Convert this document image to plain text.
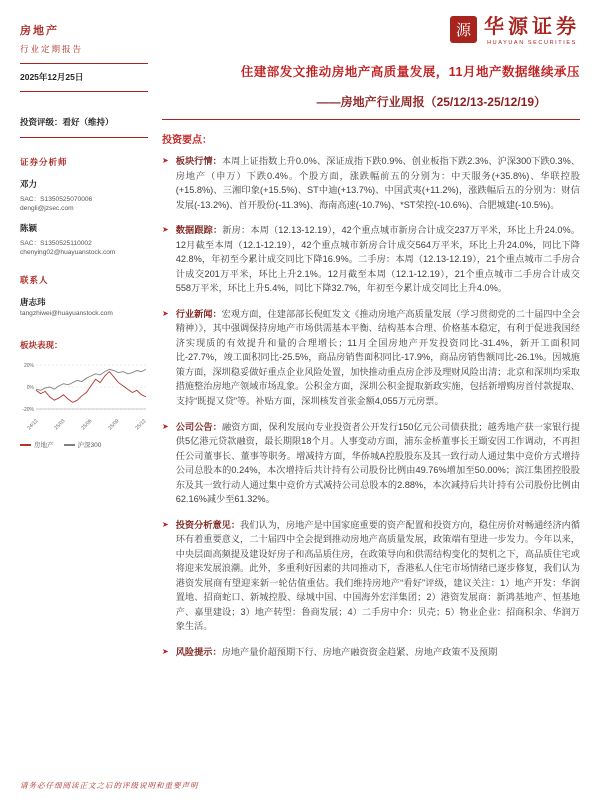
房地产
行业定期报告
2025年12月25日
投资评级：看好（维持）
证券分析师
邓力
SAC：S1350525070006
dengli@jzsec.com
陈颖
SAC：S1350525110002
chenying02@huayuanstock.com
联系人
唐志玮
tangzhiwei@huayuanstock.com
板块表现：
20%
0%
-20%
24/12	25/03	25/06	25/09	25/12
房地产	沪深300
源 华源证券
HUAYUAN SECURITIES
住建部发文推动房地产高质量发展，11月地产数据继续承压
——房地产行业周报（25/12/13-25/12/19）
投资要点：
➤ 板块行情：本周上证指数上升0.0%、深证成指下跌0.9%、创业板指下跌2.3%、沪深300下跌0.3%、房地产（申万）下跌0.4%。个股方面，涨跌幅前五的分别为：中天服务(+35.8%)、华联控股(+15.8%)、三湘印象(+15.5%)、ST中迪(+13.7%)、中国武夷(+11.2%)，涨跌幅后五的分别为：财信发展(-13.2%)、首开股份(-11.3%)、海南高速(-10.7%)、*ST荣控(-10.6%)、合肥城建(-10.5%)。

➤ 数据跟踪：新房：本周（12.13-12.19），42个重点城市新房合计成交237万平米，环比上升24.0%。12月截至本周（12.1-12.19），42个重点城市新房合计成交564万平米，环比上升24.0%，同比下降42.8%，年初至今累计成交同比下降16.9%。二手房：本周（12.13-12.19），21个重点城市二手房合计成交201万平米，环比上升2.1%。12月截至本周（12.1-12.19），21个重点城市二手房合计成交558万平米，环比上升5.4%，同比下降32.7%，年初至今累计成交同比上升4.0%。

➤ 行业新闻：宏观方面，住建部部长倪虹发文《推动房地产高质量发展（学习贯彻党的二十届四中全会精神）》，其中强调保持房地产市场供需基本平衡、结构基本合理、价格基本稳定，有利于促进我国经济实现质的有效提升和量的合理增长；11月全国房地产开发投资同比-31.4%，新开工面积同比-27.7%，竣工面积同比-25.5%，商品房销售面积同比-17.9%，商品房销售额同比-26.1%。因城施策方面，深圳稳妥做好重点企业风险处置，加快推动重点房企涉及理财风险出清；北京和深圳均采取措施整治房地产领域市场乱象。公积金方面，深圳公积金提取新政实施，包括新增购房首付款提取、支持“既提又贷”等。补贴方面，深圳核发首张金额4,055万元房票。

➤ 公司公告：融资方面，保利发展向专业投资者公开发行150亿元公司债获批；越秀地产获一家银行提供5亿港元贷款融资，最长期限18个月。人事变动方面，浦东金桥董事长王颋安因工作调动，不再担任公司董事长、董事等职务。增减持方面，华侨城A控股股东及其一致行动人通过集中竞价方式增持公司总股本的0.24%，本次增持后共计持有公司股份比例由49.76%增加至50.00%；滨江集团控股股东及其一致行动人通过集中竞价方式减持公司总股本的2.88%，本次减持后共计持有公司股份比例由62.16%减少至61.32%。

➤ 投资分析意见：我们认为，房地产是中国家庭重要的资产配置和投资方向，稳住房价对畅通经济内循环有着重要意义，二十届四中全会提到推动房地产高质量发展，政策端有望进一步发力。今年以来，中央层面高频提及建设好房子和高品质住房，在政策导向和供需结构变化的契机之下，高品质住宅或将迎来发展浪潮。此外，多重利好因素的共同推动下，香港私人住宅市场情绪已逐步修复，我们认为港资发展商有望迎来新一轮估值重估。我们维持房地产“看好”评级，建议关注：1）地产开发：华润置地、招商蛇口、新城控股、绿城中国、中国海外宏洋集团；2）港资发展商：新鸿基地产、恒基地产、嘉里建设；3）地产转型：鲁商发展；4）二手房中介：贝壳；5）物业企业：招商积余、华润万象生活。

➤ 风险提示：房地产量价超预期下行、房地产融资资金趋紧、房地产政策不及预期

请务必仔细阅读正文之后的评级说明和重要声明
